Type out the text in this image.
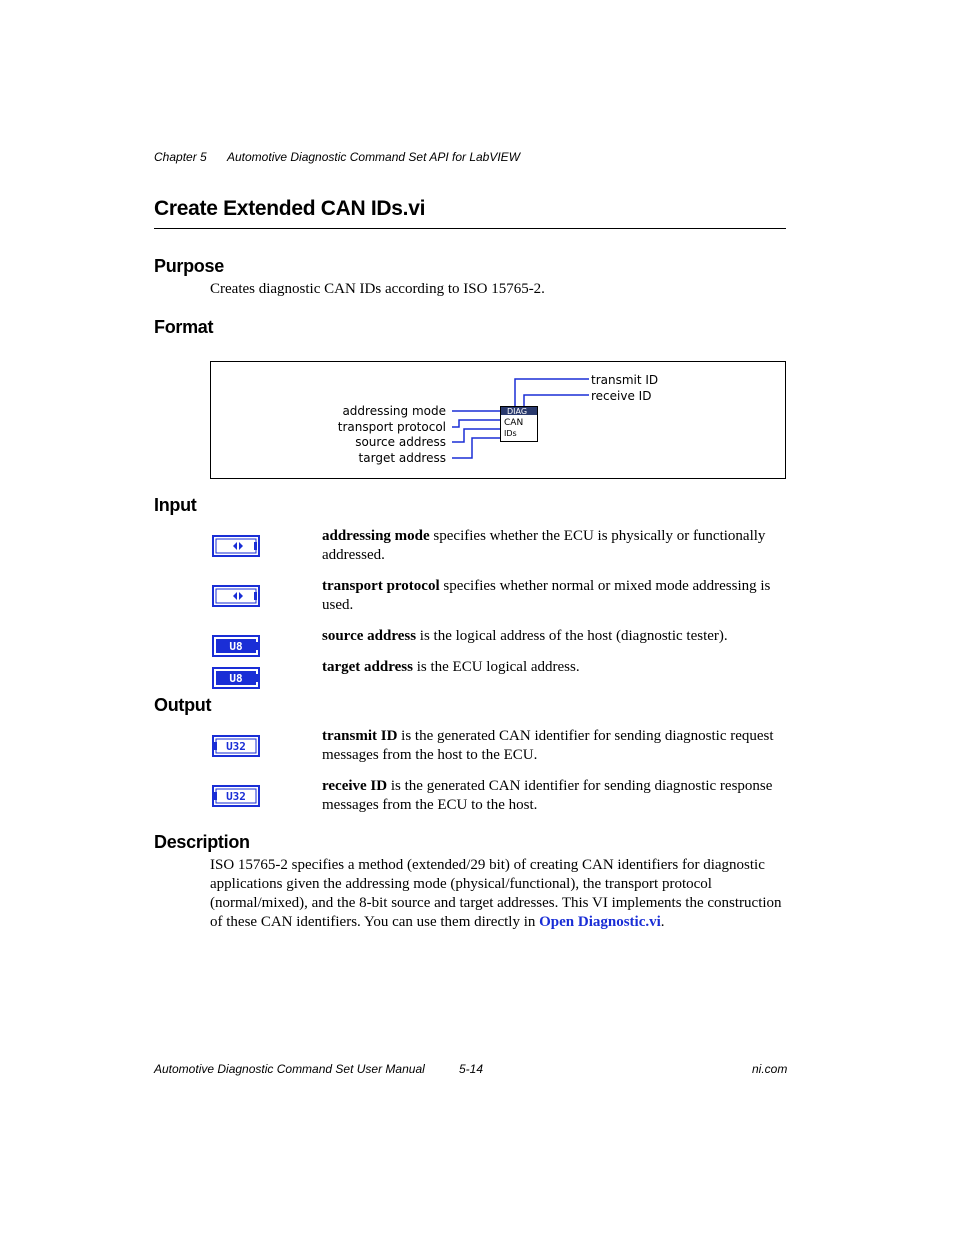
Chapter 5 Automotive Diagnostic Command Set API for LabVIEW
Create Extended CAN IDs.vi
Purpose
Creates diagnostic CAN IDs according to ISO 15765-2.
Format
addressing mode
transport protocol
source address
target address
transmit ID
receive ID
DIAG
CAN
IDs
Input
addressing mode specifies whether the ECU is physically or functionally addressed.
transport protocol specifies whether normal or mixed mode addressing is used.
U8
source address is the logical address of the host (diagnostic tester).
U8
target address is the ECU logical address.
Output
U32
transmit ID is the generated CAN identifier for sending diagnostic request messages from the host to the ECU.
U32
receive ID is the generated CAN identifier for sending diagnostic response messages from the ECU to the host.
Description
ISO 15765-2 specifies a method (extended/29 bit) of creating CAN identifiers for diagnostic applications given the addressing mode (physical/functional), the transport protocol (normal/mixed), and the 8-bit source and target addresses. This VI implements the construction of these CAN identifiers. You can use them directly in Open Diagnostic.vi.
Automotive Diagnostic Command Set User Manual	5-14	ni.com
